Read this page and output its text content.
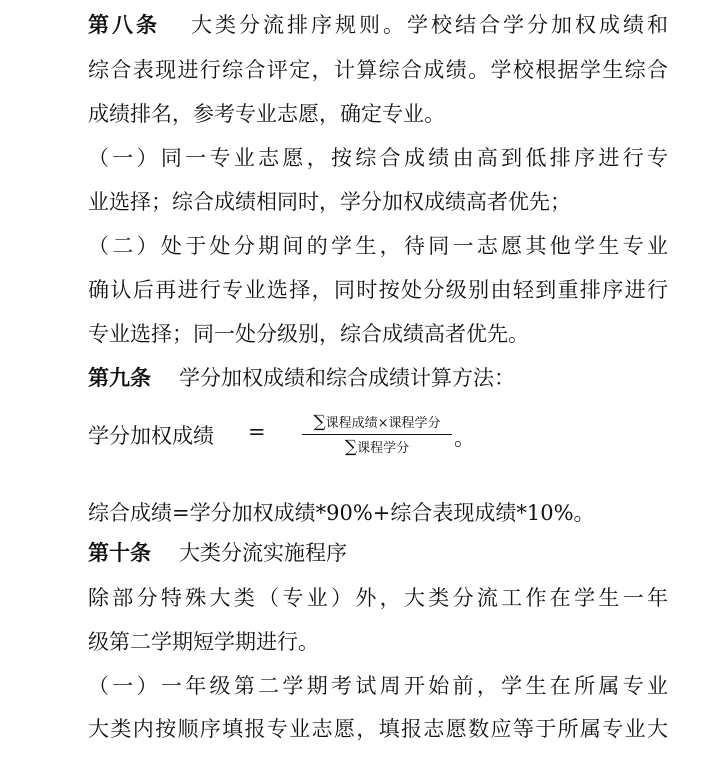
第八条 大类分流排序规则。学校结合学分加权成绩和
综合表现进行综合评定，计算综合成绩。学校根据学生综合
成绩排名，参考专业志愿，确定专业。
（一）同一专业志愿，按综合成绩由高到低排序进行专
业选择；综合成绩相同时，学分加权成绩高者优先；
（二）处于处分期间的学生，待同一志愿其他学生专业
确认后再进行专业选择，同时按处分级别由轻到重排序进行
专业选择；同一处分级别，综合成绩高者优先。
第九条 学分加权成绩和综合成绩计算方法：
学分加权成绩 =	∑课程成绩×课程学分
∑课程学分	。
综合成绩=学分加权成绩*90%+综合表现成绩*10%。
第十条 大类分流实施程序
除部分特殊大类（专业）外，大类分流工作在学生一年
级第二学期短学期进行。
（一）一年级第二学期考试周开始前，学生在所属专业
大类内按顺序填报专业志愿，填报志愿数应等于所属专业大
